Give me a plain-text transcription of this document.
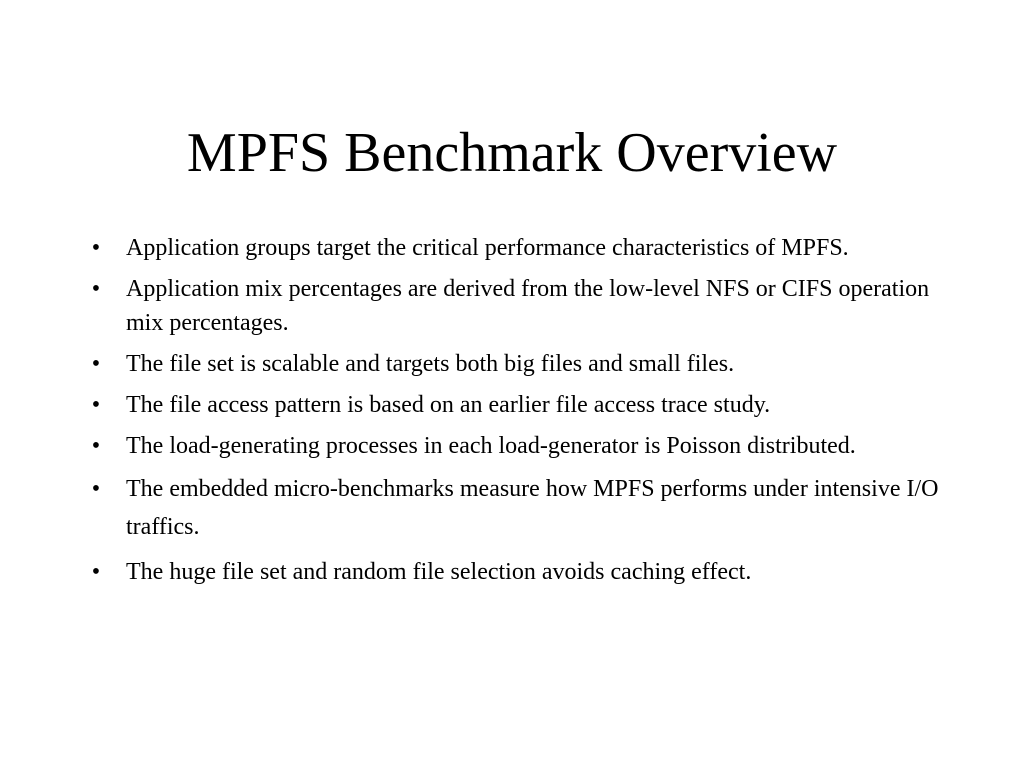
MPFS Benchmark Overview
• Application groups target the critical performance characteristics of MPFS.
• Application mix percentages are derived from the low-level NFS or CIFS operation mix percentages.
• The file set is scalable and targets both big files and small files.
• The file access pattern is based on an earlier file access trace study.
• The load-generating processes in each load-generator is Poisson distributed.
• The embedded micro-benchmarks measure how MPFS performs under intensive I/O traffics.
• The huge file set and random file selection avoids caching effect.
